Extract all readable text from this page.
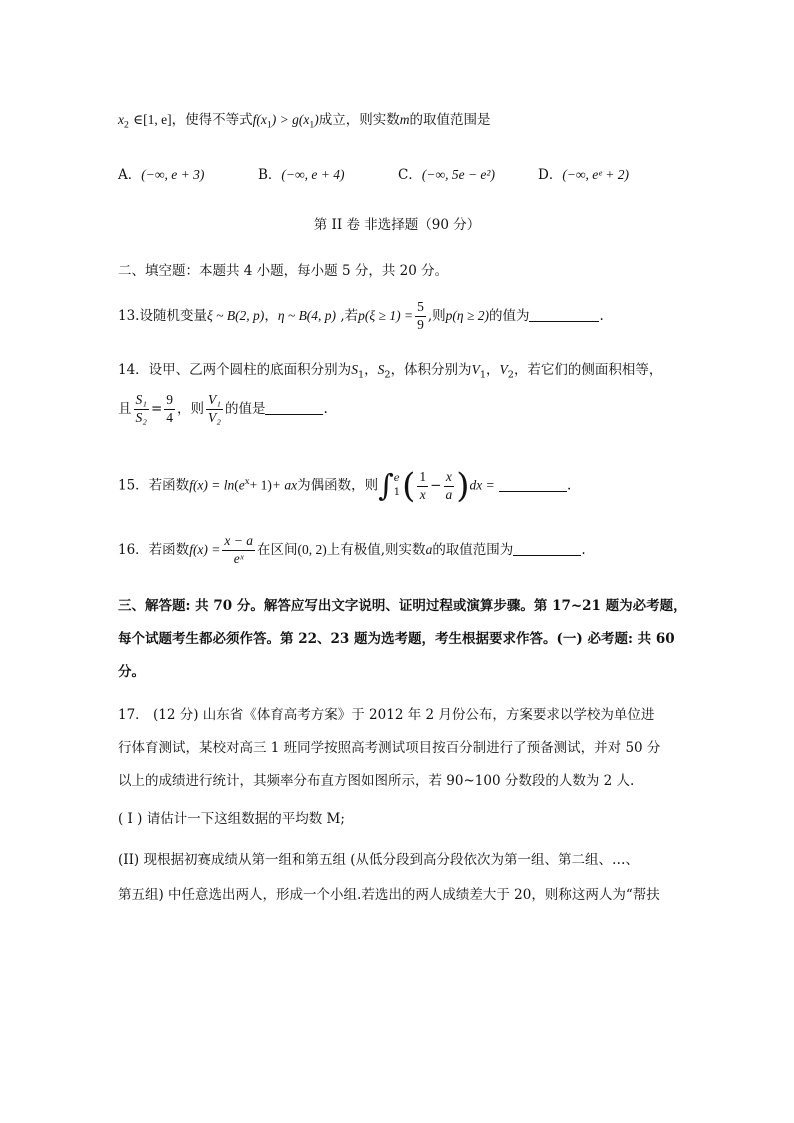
$x_2$ ∈[1, e]，使得不等式$f(x_1) > g(x_1)$成立，则实数m的取值范围是
A．(−∞, e + 3)	B．(−∞, e + 4)	C．(−∞, 5e − e²)	D．(−∞, eᵉ + 2)
第 II 卷 非选择题（90 分）
二、填空题：本题共 4 小题，每小题 5 分，共 20 分。
13.设随机变量ξ ~ B(2, p)，η ~ B(4, p) ,若$p(\xi \ge 1) = \frac{5}{9}$ ,则p(η ≥ 2)的值为	.
14．设甲、乙两个圆柱的底面积分别为$S_1$，$S_2$，体积分别为$V_1$，$V_2$，若它们的侧面积相等，
且 $\frac{\text{S₁}}{\text{S₂}} = \frac{9}{4}$ ，则 $\frac{\text{V₁}}{\text{V₂}}$ 的值是	.
15．若函数$f(x) = \ln(e^x+ 1)+$ ax为偶函数，则∫ e
1 ( $\frac{1}{x} - \frac{x}{a} )dx$ =	.
16．若函数$f(x) = \frac{x - a}{\text{eˣ}}$ 在区间(0, 2)上有极值,则实数a的取值范围为	.
三、解答题: 共 70 分。解答应写出文字说明、证明过程或演算步骤。第 17~21 题为必考题，
每个试题考生都必须作答。第 22、23 题为选考题，考生根据要求作答。(一) 必考题: 共 60
分。
17． (12 分) 山东省《体育高考方案》于 2012 年 2 月份公布，方案要求以学校为单位进
行体育测试，某校对高三 1 班同学按照高考测试项目按百分制进行了预备测试，并对 50 分
以上的成绩进行统计，其频率分布直方图如图所示，若 90~100 分数段的人数为 2 人.
( I ) 请估计一下这组数据的平均数 M;
(II) 现根据初赛成绩从第一组和第五组 (从低分段到高分段依次为第一组、第二组、…、
第五组) 中任意选出两人，形成一个小组.若选出的两人成绩差大于 20，则称这两人为“帮扶
